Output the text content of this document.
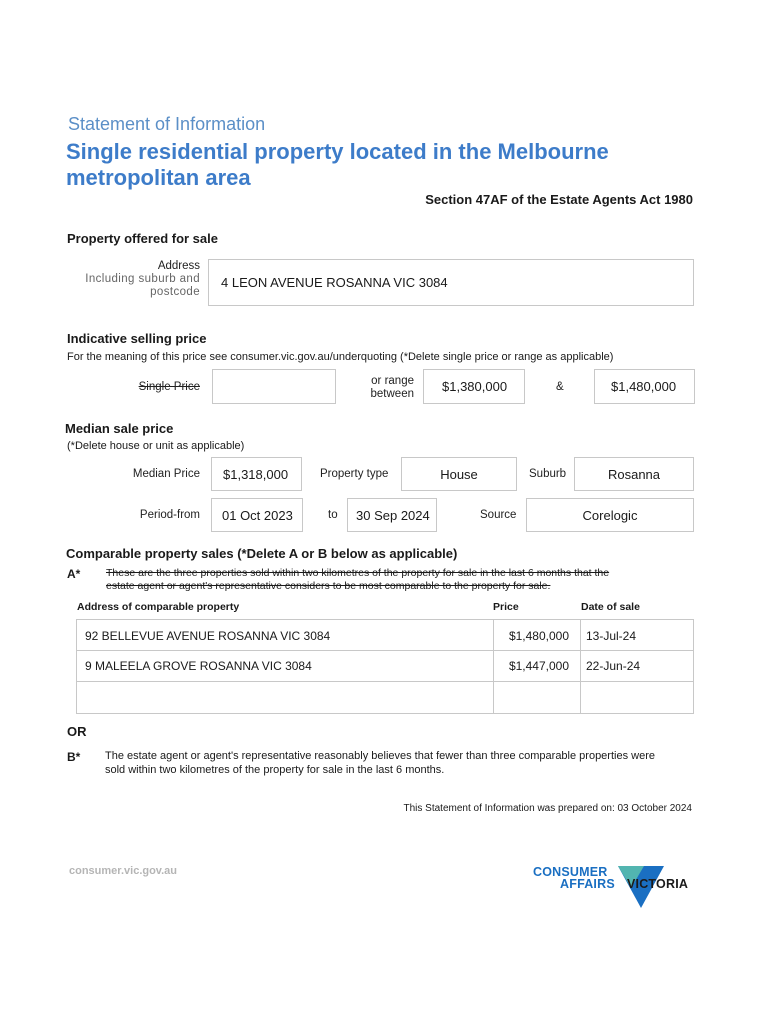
Statement of Information
Single residential property located in the Melbourne
metropolitan area
Section 47AF of the Estate Agents Act 1980
Property offered for sale
Address
Including suburb and
postcode
4 LEON AVENUE ROSANNA VIC 3084
Indicative selling price
For the meaning of this price see consumer.vic.gov.au/underquoting (*Delete single price or range as applicable)
Single Price	or range
between $1,380,000	&	$1,480,000
Median sale price
(*Delete house or unit as applicable)
Median Price $1,318,000	Property type	House	Suburb	Rosanna
Period-from 01 Oct 2023	to 30 Sep 2024	Source	Corelogic
Comparable property sales (*Delete A or B below as applicable)
A* These are the three properties sold within two kilometres of the property for sale in the last 6 months that the
estate agent or agent's representative considers to be most comparable to the property for sale.
Address of comparable property	Price	Date of sale
92 BELLEVUE AVENUE ROSANNA VIC 3084	$1,480,000 13-Jul-24
9 MALEELA GROVE ROSANNA VIC 3084	$1,447,000 22-Jun-24
OR
B* The estate agent or agent's representative reasonably believes that fewer than three comparable properties were
sold within two kilometres of the property for sale in the last 6 months.
This Statement of Information was prepared on: 03 October 2024
consumer.vic.gov.au	CONSUMER
AFFAIRS VICTORIA
